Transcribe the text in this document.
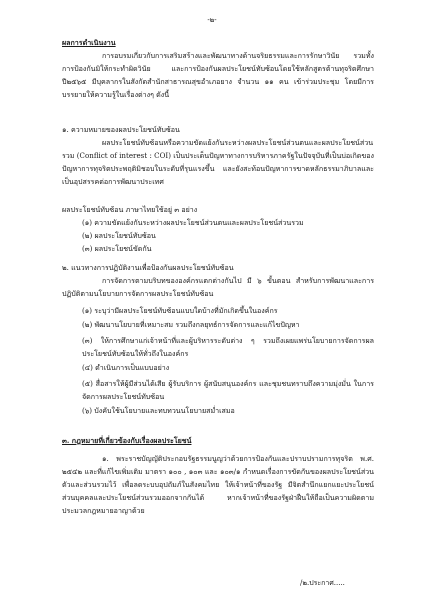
-๒-

ผลการดำเนินงาน

การอบรมเกี่ยวกับการเสริมสร้างและพัฒนาทางด้านจริยธรรมและการรักษาวินัย รวมทั้งการป้องกันมิให้กระทำผิดวินัย และการป้องกันผลประโยชน์ทับซ้อนโดยใช้หลักสูตรต้านทุจริตศึกษา ปี๒๕๖๕ มีบุคลากรในสังกัดสำนักสาธารณสุขอำเภอยาง จำนวน ๑๑ คน เข้าร่วมประชุม โดยมีการบรรยายให้ความรู้ในเรื่องต่างๆ ดังนี้

๑. ความหมายของผลประโยชน์ทับซ้อน

ผลประโยชน์ทับซ้อนหรือความขัดแย้งกันระหว่างผลประโยชน์ส่วนตนและผลประโยชน์ส่วนรวม (Conflict of interest : COI) เป็นประเด็นปัญหาทางการบริหารภาครัฐในปัจจุบันที่เป็นบ่อเกิดของปัญหาการทุจริตประพฤติมิชอบในระดับที่รุนแรงขึ้น และยังสะท้อนปัญหาการขาดหลักธรรมาภิบาลและเป็นอุปสรรคต่อการพัฒนาประเทศ

ผลประโยชน์ทับซ้อน ภาษาไทยใช้อยู่ ๓ อย่าง

(๑) ความขัดแย้งกันระหว่างผลประโยชน์ส่วนตนและผลประโยชน์ส่วนรวม

(๒) ผลประโยชน์ทับซ้อน

(๓) ผลประโยชน์ขัดกัน

๒. แนวทางการปฏิบัติงานเพื่อป้องกันผลประโยชน์ทับซ้อน

การจัดการตามบริบทขององค์กรแตกต่างกันไป มี ๖ ขั้นตอน สำหรับการพัฒนาและการปฏิบัติตามนโยบายการจัดการผลประโยชน์ทับซ้อน

(๑) ระบุว่ามีผลประโยชน์ทับซ้อนแบบใดบ้างที่มักเกิดขึ้นในองค์กร

(๒) พัฒนานโยบายที่เหมาะสม รวมถึงกลยุทธ์การจัดการและแก้ไขปัญหา

(๓) ให้การศึกษาแก่เจ้าหน้าที่และผู้บริหารระดับต่าง ๆ รวมถึงเผยแพร่นโยบายการจัดการผลประโยชน์ทับซ้อนให้ทั่วถึงในองค์กร

(๔) ดำเนินการเป็นแบบอย่าง

(๕) สื่อสารให้ผู้มีส่วนได้เสีย ผู้รับบริการ ผู้สนับสนุนองค์กร และชุมชนทราบถึงความมุ่งมั่น ในการจัดการผลประโยชน์ทับซ้อน

(๖) บังคับใช้นโยบายและทบทวนนโยบายสม่ำเสมอ

๓. กฎหมายที่เกี่ยวข้องกับเรื่องผลประโยชน์

๑. พระราชบัญญัติประกอบรัฐธรรมนูญว่าด้วยการป้องกันและปราบปรามการทุจริต พ.ศ. ๒๕๔๒ และที่แก้ไขเพิ่มเติม มาตรา ๑๐๐ , ๑๐๓ และ ๑๐๓/๑ กำหนดเรื่องการขัดกันของผลประโยชน์ส่วนตัวและส่วนรวมไว้ เพื่อลดระบบอุปถัมภ์ในสังคมไทย ให้เจ้าหน้าที่ของรัฐ มีจิตสำนึกแยกแยะประโยชน์ส่วนบุคคลและประโยชน์ส่วนรวมออกจากกันได้ หากเจ้าหน้าที่ของรัฐฝ่าฝืนให้ถือเป็นความผิดตามประมวลกฎหมายอาญาด้วย

/๒.ประกาศ.....
